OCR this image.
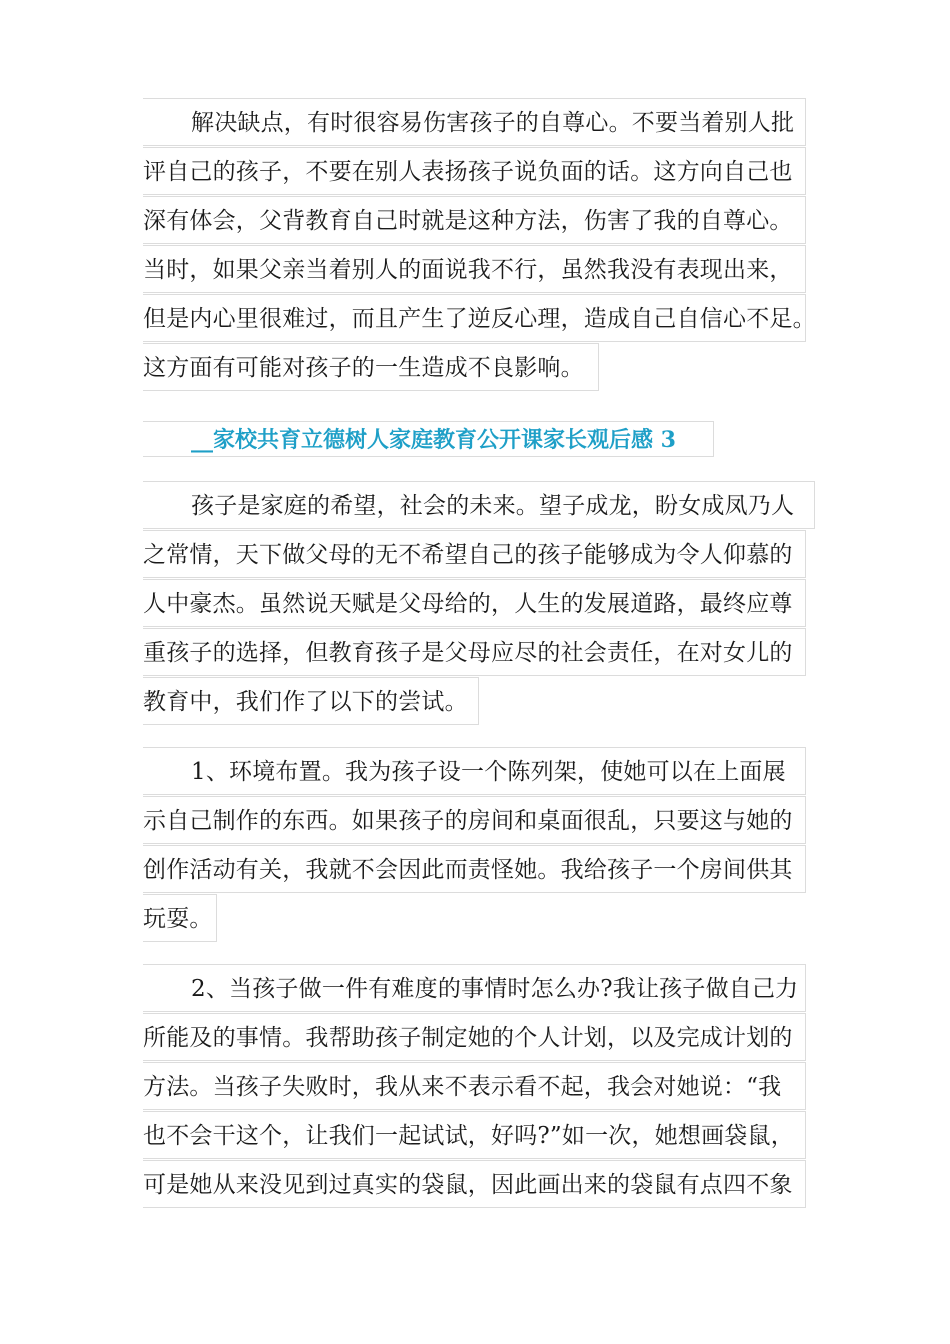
解决缺点，有时很容易伤害孩子的自尊心。不要当着别人批
评自己的孩子，不要在别人表扬孩子说负面的话。这方向自己也
深有体会，父背教育自己时就是这种方法，伤害了我的自尊心。
当时，如果父亲当着别人的面说我不行，虽然我没有表现出来，
但是内心里很难过，而且产生了逆反心理，造成自己自信心不足。
这方面有可能对孩子的一生造成不良影响。
__家校共育立德树人家庭教育公开课家长观后感 3
孩子是家庭的希望，社会的未来。望子成龙，盼女成凤乃人
之常情，天下做父母的无不希望自己的孩子能够成为令人仰慕的
人中豪杰。虽然说天赋是父母给的，人生的发展道路，最终应尊
重孩子的选择，但教育孩子是父母应尽的社会责任，在对女儿的
教育中，我们作了以下的尝试。
1、环境布置。我为孩子设一个陈列架，使她可以在上面展
示自己制作的东西。如果孩子的房间和桌面很乱，只要这与她的
创作活动有关，我就不会因此而责怪她。我给孩子一个房间供其
玩耍。
2、当孩子做一件有难度的事情时怎么办?我让孩子做自己力
所能及的事情。我帮助孩子制定她的个人计划，以及完成计划的
方法。当孩子失败时，我从来不表示看不起，我会对她说：“我
也不会干这个，让我们一起试试，好吗?”如一次，她想画袋鼠，
可是她从来没见到过真实的袋鼠，因此画出来的袋鼠有点四不象
